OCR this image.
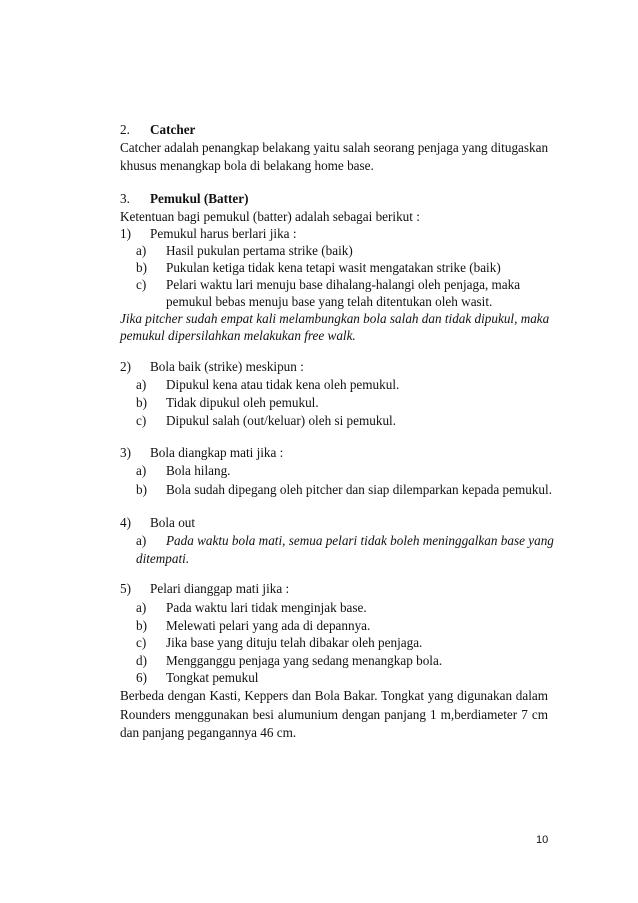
2. Catcher
Catcher adalah penangkap belakang yaitu salah seorang penjaga yang ditugaskan
khusus menangkap bola di belakang home base.
3. Pemukul (Batter)
Ketentuan bagi pemukul (batter) adalah sebagai berikut :
1) Pemukul harus berlari jika :
a) Hasil pukulan pertama strike (baik)
b) Pukulan ketiga tidak kena tetapi wasit mengatakan strike (baik)
c) Pelari waktu lari menuju base dihalang-halangi oleh penjaga, maka
pemukul bebas menuju base yang telah ditentukan oleh wasit.
Jika pitcher sudah empat kali melambungkan bola salah dan tidak dipukul, maka
pemukul dipersilahkan melakukan free walk.
2) Bola baik (strike) meskipun :
a) Dipukul kena atau tidak kena oleh pemukul.
b) Tidak dipukul oleh pemukul.
c) Dipukul salah (out/keluar) oleh si pemukul.
3) Bola diangkap mati jika :
a) Bola hilang.
b) Bola sudah dipegang oleh pitcher dan siap dilemparkan kepada pemukul.
4) Bola out
a) Pada waktu bola mati, semua pelari tidak boleh meninggalkan base yang
ditempati.
5) Pelari dianggap mati jika :
a) Pada waktu lari tidak menginjak base.
b) Melewati pelari yang ada di depannya.
c) Jika base yang dituju telah dibakar oleh penjaga.
d) Mengganggu penjaga yang sedang menangkap bola.
6) Tongkat pemukul
Berbeda dengan Kasti, Keppers dan Bola Bakar. Tongkat yang digunakan dalam
Rounders menggunakan besi alumunium dengan panjang 1 m,berdiameter 7 cm
dan panjang pegangannya 46 cm.
10
